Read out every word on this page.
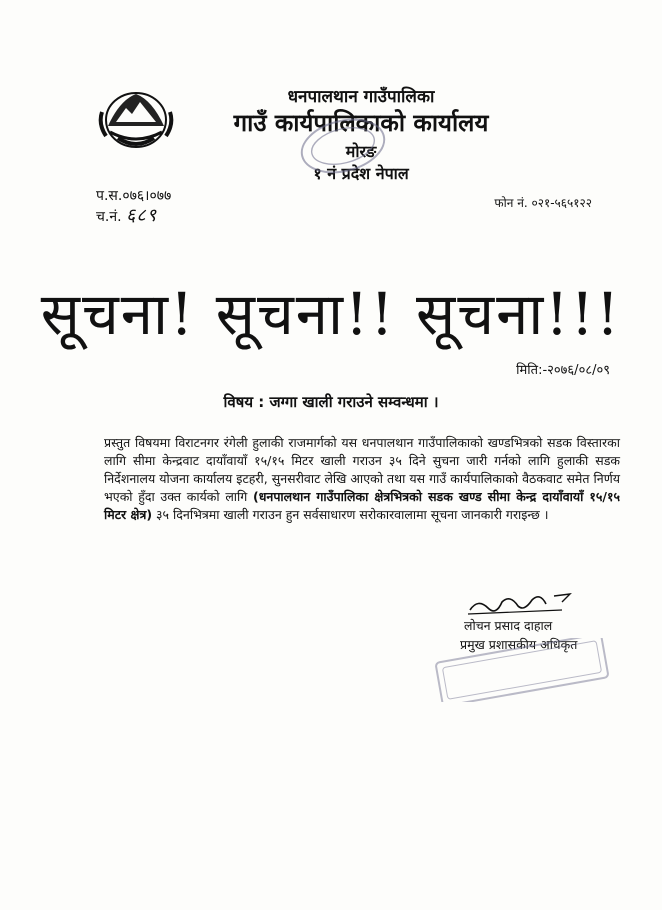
धनपालथान गाउँपालिका
गाउँ कार्यपालिकाको कार्यालय
मोरङ
१ नं प्रदेश नेपाल
प.स.०७६।०७७
च.नं. ६८९
फोन नं. ०२१-५६५१२२
सूचना! सूचना!! सूचना!!!
मिति:-२०७६/०८/०९
विषय : जग्गा खाली गराउने सम्वन्धमा ।
प्रस्तुत विषयमा विराटनगर रंगेली हुलाकी राजमार्गको यस धनपालथान गाउँपालिकाको खण्डभित्रको सडक विस्तारका लागि सीमा केन्द्रवाट दायाँवायाँ १५/१५ मिटर खाली गराउन ३५ दिने सुचना जारी गर्नको लागि हुलाकी सडक निर्देशनालय योजना कार्यालय इटहरी, सुनसरीवाट लेखि आएको तथा यस गाउँ कार्यपालिकाको वैठकवाट समेत निर्णय भएको हुँदा उक्त कार्यको लागि (धनपालथान गाउँपालिका क्षेत्रभित्रको सडक खण्ड सीमा केन्द्र दायाँवायाँ १५/१५ मिटर क्षेत्र) ३५ दिनभित्रमा खाली गराउन हुन सर्वसाधारण सरोकारवालामा सूचना जानकारी गराइन्छ ।
लोचन प्रसाद दाहाल
प्रमुख प्रशासकीय अधिकृत
